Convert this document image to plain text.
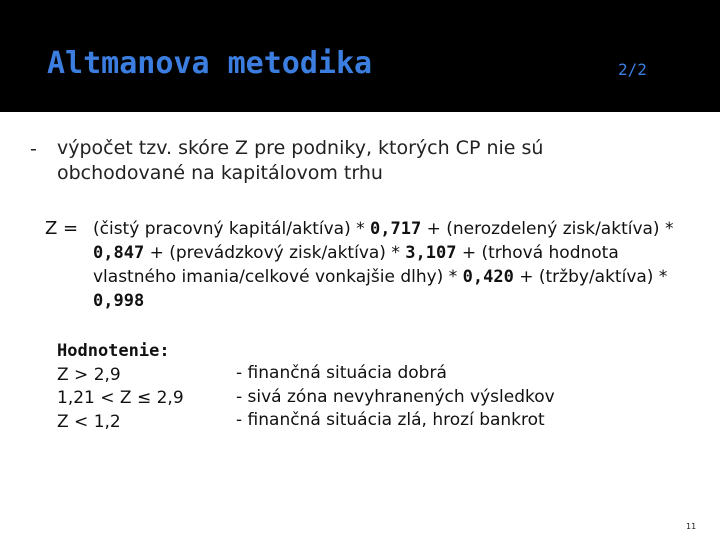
Altmanova metodika	2/2
- výpočet tzv. skóre Z pre podniky, ktorých CP nie sú obchodované na kapitálovom trhu
Z = (čistý pracovný kapitál/aktíva) * 0,717 + (nerozdelený zisk/aktíva) * 0,847 + (prevádzkový zisk/aktíva) * 3,107 + (trhová hodnota vlastného imania/celkové vonkajšie dlhy) * 0,420 + (tržby/aktíva) * 0,998
Hodnotenie:
Z > 2,9
1,21 < Z ≤ 2,9
Z < 1,2
- finančná situácia dobrá
- sivá zóna nevyhranených výsledkov
- finančná situácia zlá, hrozí bankrot
11
